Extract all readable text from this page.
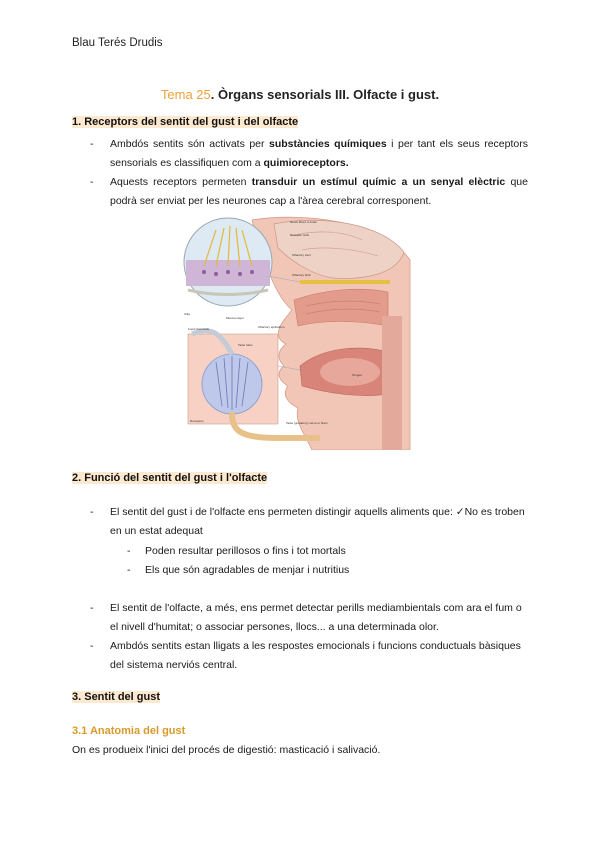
Blau Terés Drudis
Tema 25. Òrgans sensorials III. Olfacte i gust.
1. Receptors del sentit del gust i del olfacte
- Ambdós sentits són activats per substàncies químiques i per tant els seus receptors sensorials es classifiquen com a quimioreceptors.
- Aquests receptors permeten transduir un estímul químic a un senyal elèctric que podrà ser enviat per les neurones cap a l'àrea cerebral corresponent.
Nerve fibers to brain
Receptor cells
Olfactory tract
Olfactory bulb
Cilia
Mucous layer
Olfactory epithelium
Food chemicals
Taste hairs
Receptors	Taste (gustatory) nerve to brain
Tongue
2. Funció del sentit del gust i l'olfacte
- El sentit del gust i de l'olfacte ens permeten distingir aquells aliments que: ✓No es troben en un estat adequat
- Poden resultar perillosos o fins i tot mortals
- Els que són agradables de menjar i nutritius
- El sentit de l'olfacte, a més, ens permet detectar perills mediambientals com ara el fum o el nivell d'humitat; o associar persones, llocs... a una determinada olor.
- Ambdós sentits estan lligats a les respostes emocionals i funcions conductuals bàsiques del sistema nerviós central.
3. Sentit del gust
3.1 Anatomia del gust
On es produeix l'inici del procés de digestió: masticació i salivació.
